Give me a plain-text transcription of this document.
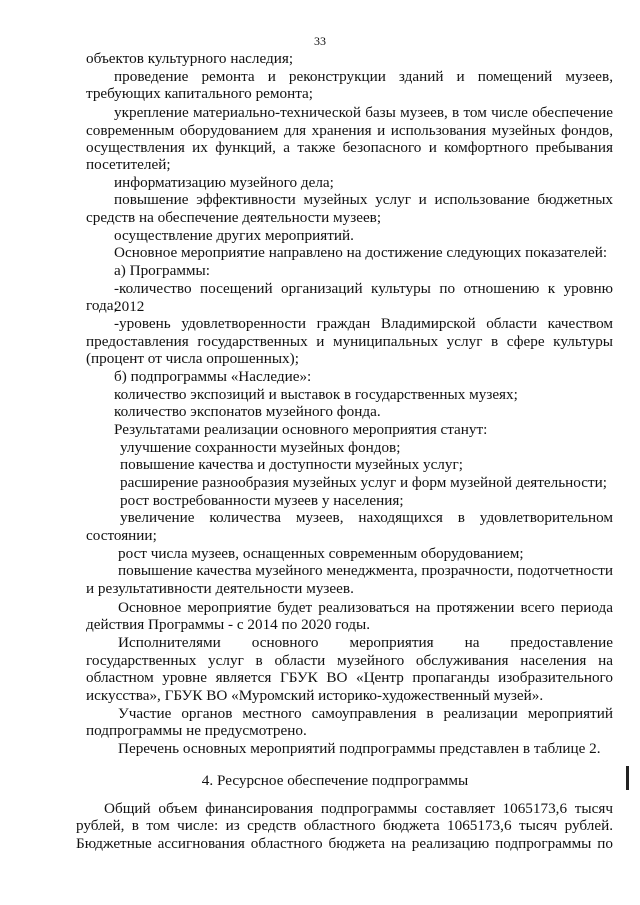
33
объектов культурного наследия;
проведение ремонта и реконструкции зданий и помещений музеев,
требующих капитального ремонта;
укрепление материально-технической базы музеев, в том числе обеспечение
современным оборудованием для хранения и использования музейных фондов,
осуществления их функций, а также безопасного и комфортного пребывания
посетителей;
информатизацию музейного дела;
повышение эффективности музейных услуг и использование бюджетных
средств на обеспечение деятельности музеев;
осуществление других мероприятий.
Основное мероприятие направлено на достижение следующих показателей:
а) Программы:
-количество посещений организаций культуры по отношению к уровню 2012
года;
-уровень удовлетворенности граждан Владимирской области качеством
предоставления государственных и муниципальных услуг в сфере культуры
(процент от числа опрошенных);
б) подпрограммы «Наследие»:
количество экспозиций и выставок в государственных музеях;
количество экспонатов музейного фонда.
Результатами реализации основного мероприятия станут:
улучшение сохранности музейных фондов;
повышение качества и доступности музейных услуг;
расширение разнообразия музейных услуг и форм музейной деятельности;
рост востребованности музеев у населения;
увеличение количества музеев, находящихся в удовлетворительном
состоянии;
рост числа музеев, оснащенных современным оборудованием;
повышение качества музейного менеджмента, прозрачности, подотчетности
и результативности деятельности музеев.
Основное мероприятие будет реализоваться на протяжении всего периода
действия Программы - с 2014 по 2020 годы.
Исполнителями основного мероприятия на предоставление
государственных услуг в области музейного обслуживания населения на
областном уровне является ГБУК ВО «Центр пропаганды изобразительного
искусства», ГБУК ВО «Муромский историко-художественный музей».
Участие органов местного самоуправления в реализации мероприятий
подпрограммы не предусмотрено.
Перечень основных мероприятий подпрограммы представлен в таблице 2.
4. Ресурсное обеспечение подпрограммы
Общий объем финансирования подпрограммы составляет 1065173,6 тысяч
рублей, в том числе: из средств областного бюджета 1065173,6 тысяч рублей.
Бюджетные ассигнования областного бюджета на реализацию подпрограммы по
